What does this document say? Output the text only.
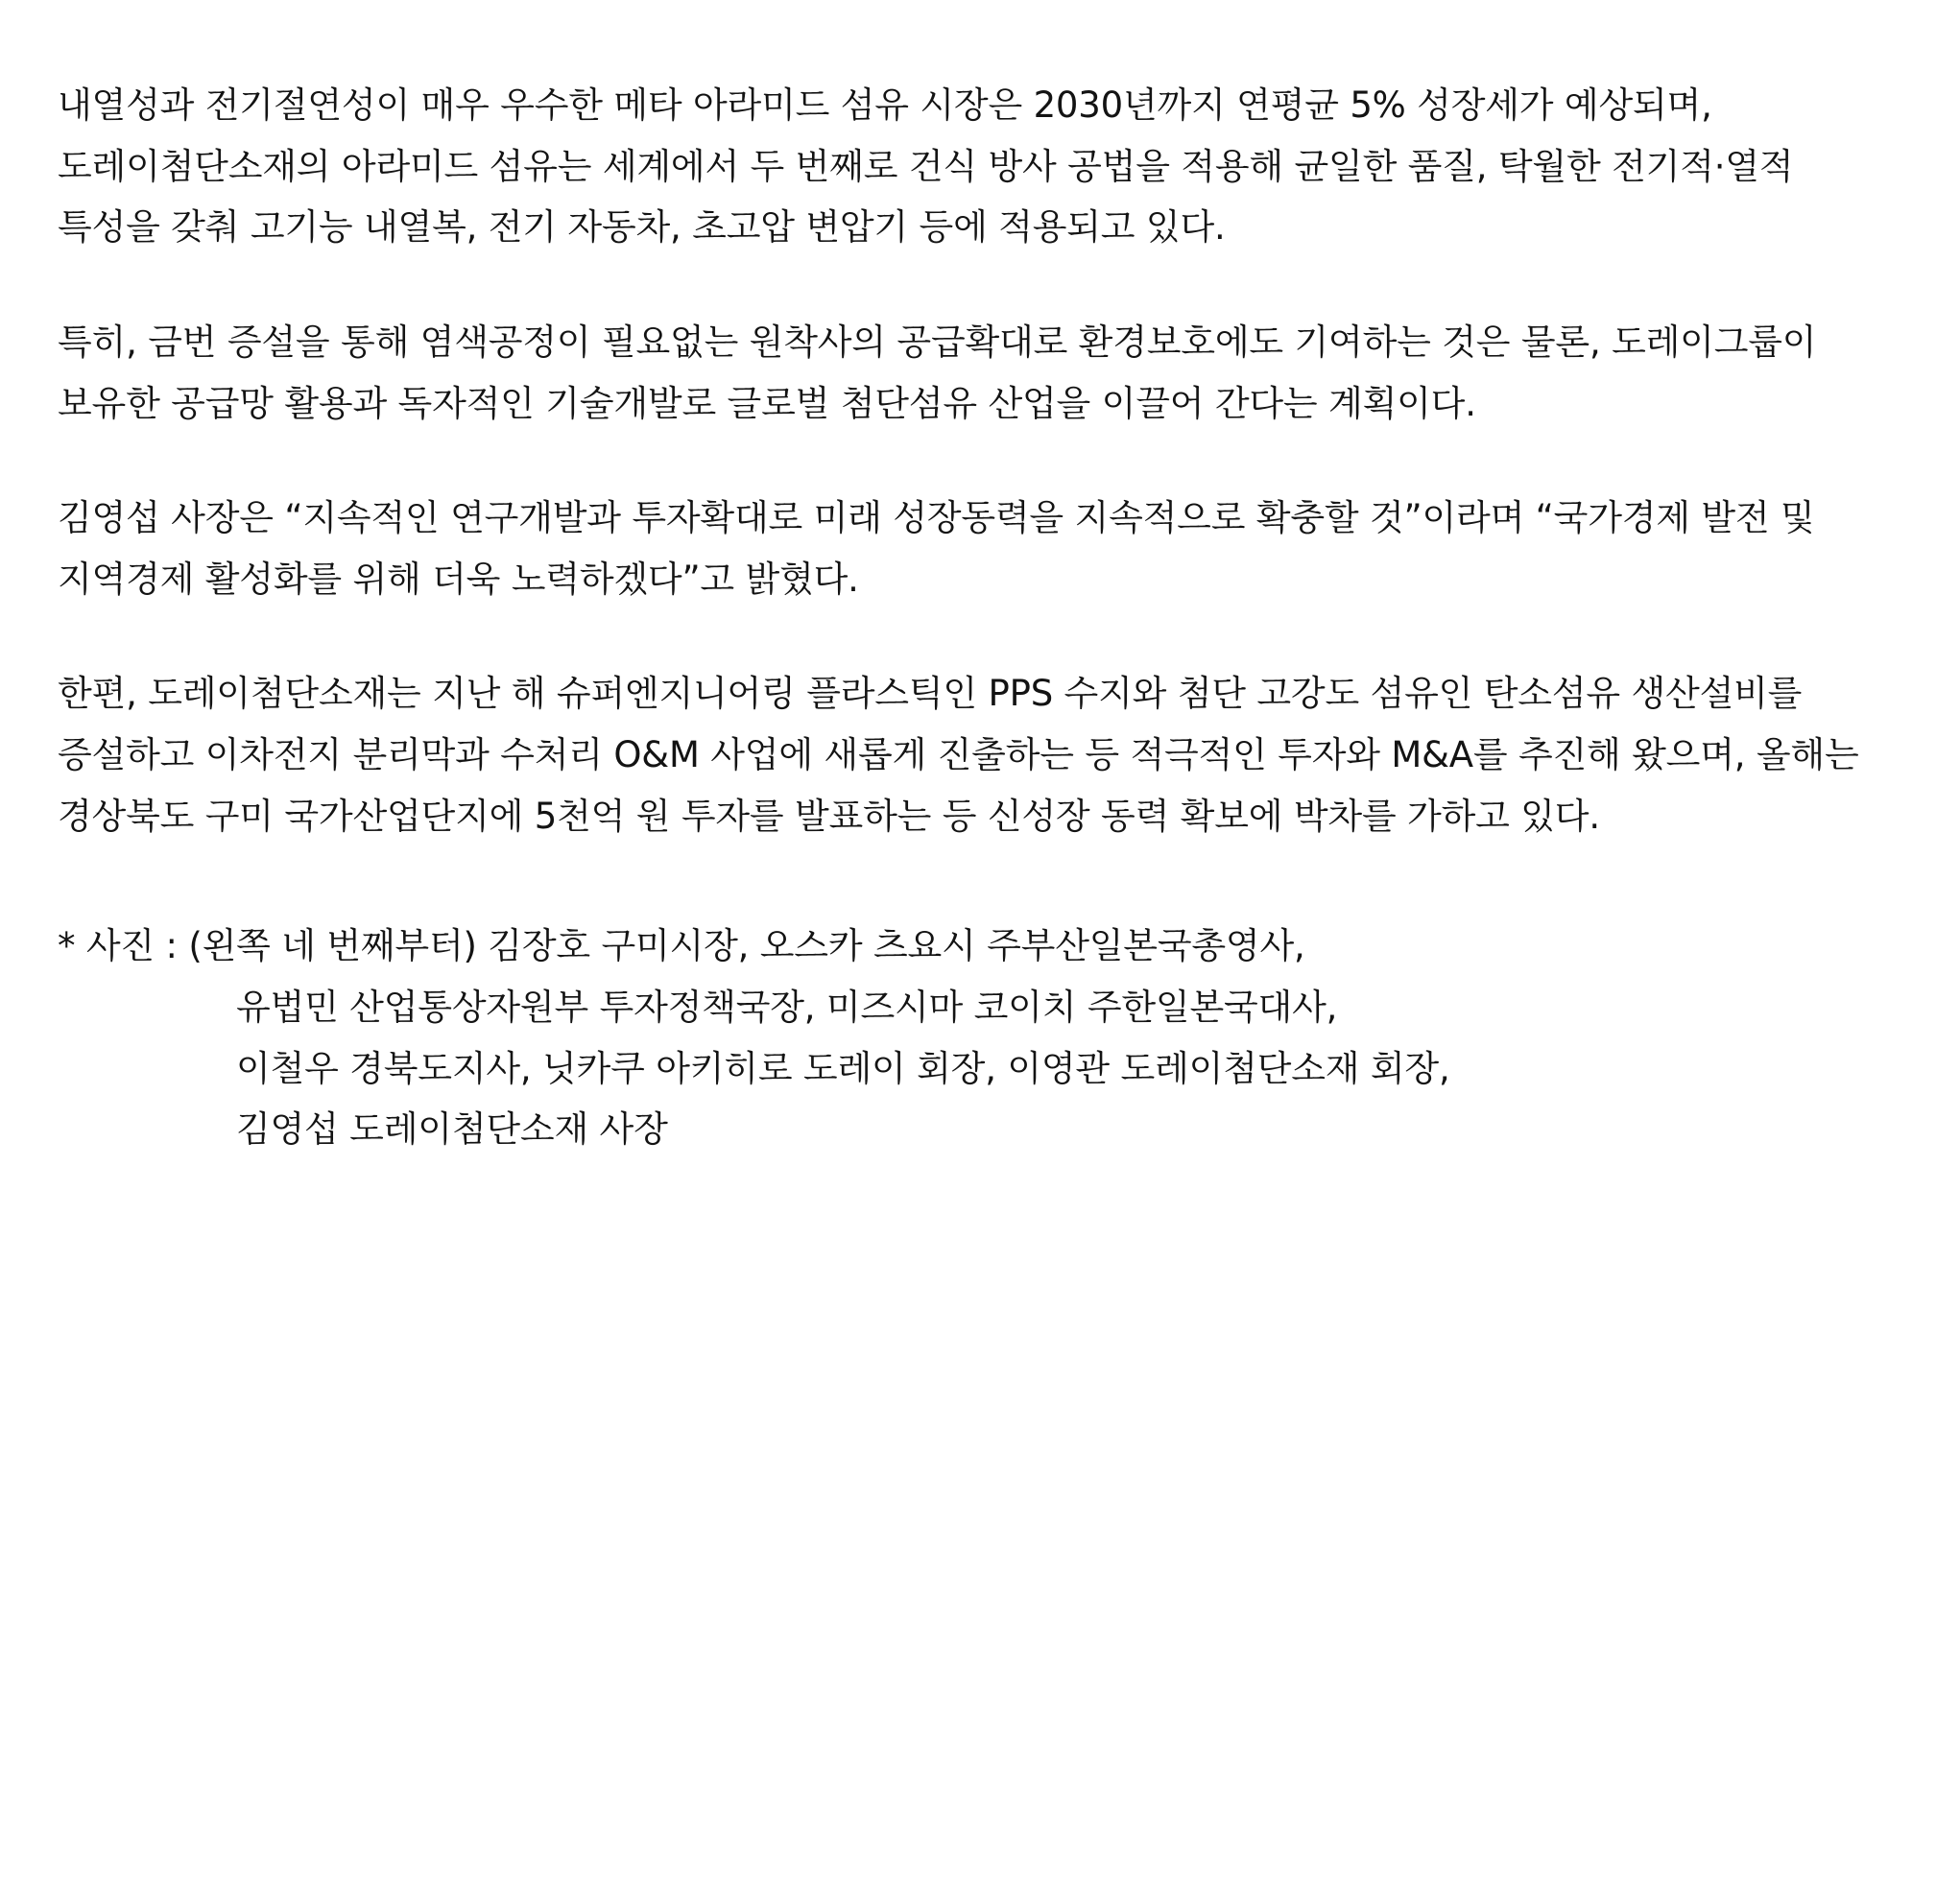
내열성과 전기절연성이 매우 우수한 메타 아라미드 섬유 시장은 2030년까지 연평균 5% 성장세가 예상되며, 도레이첨단소재의 아라미드 섬유는 세계에서 두 번째로 건식 방사 공법을 적용해 균일한 품질, 탁월한 전기적·열적 특성을 갖춰 고기능 내열복, 전기 자동차, 초고압 변압기 등에 적용되고 있다.

특히, 금번 증설을 통해 염색공정이 필요없는 원착사의 공급확대로 환경보호에도 기여하는 것은 물론, 도레이그룹이 보유한 공급망 활용과 독자적인 기술개발로 글로벌 첨단섬유 산업을 이끌어 간다는 계획이다.

김영섭 사장은 “지속적인 연구개발과 투자확대로 미래 성장동력을 지속적으로 확충할 것”이라며 “국가경제 발전 및 지역경제 활성화를 위해 더욱 노력하겠다”고 밝혔다.

한편, 도레이첨단소재는 지난 해 슈퍼엔지니어링 플라스틱인 PPS 수지와 첨단 고강도 섬유인 탄소섬유 생산설비를 증설하고 이차전지 분리막과 수처리 O&M 사업에 새롭게 진출하는 등 적극적인 투자와 M&A를 추진해 왔으며, 올해는 경상북도 구미 국가산업단지에 5천억 원 투자를 발표하는 등 신성장 동력 확보에 박차를 가하고 있다.

* 사진 : (왼쪽 네 번째부터) 김장호 구미시장, 오스카 츠요시 주부산일본국총영사,
유법민 산업통상자원부 투자정책국장, 미즈시마 코이치 주한일본국대사,
이철우 경북도지사, 닛카쿠 아키히로 도레이 회장, 이영관 도레이첨단소재 회장,
김영섭 도레이첨단소재 사장
